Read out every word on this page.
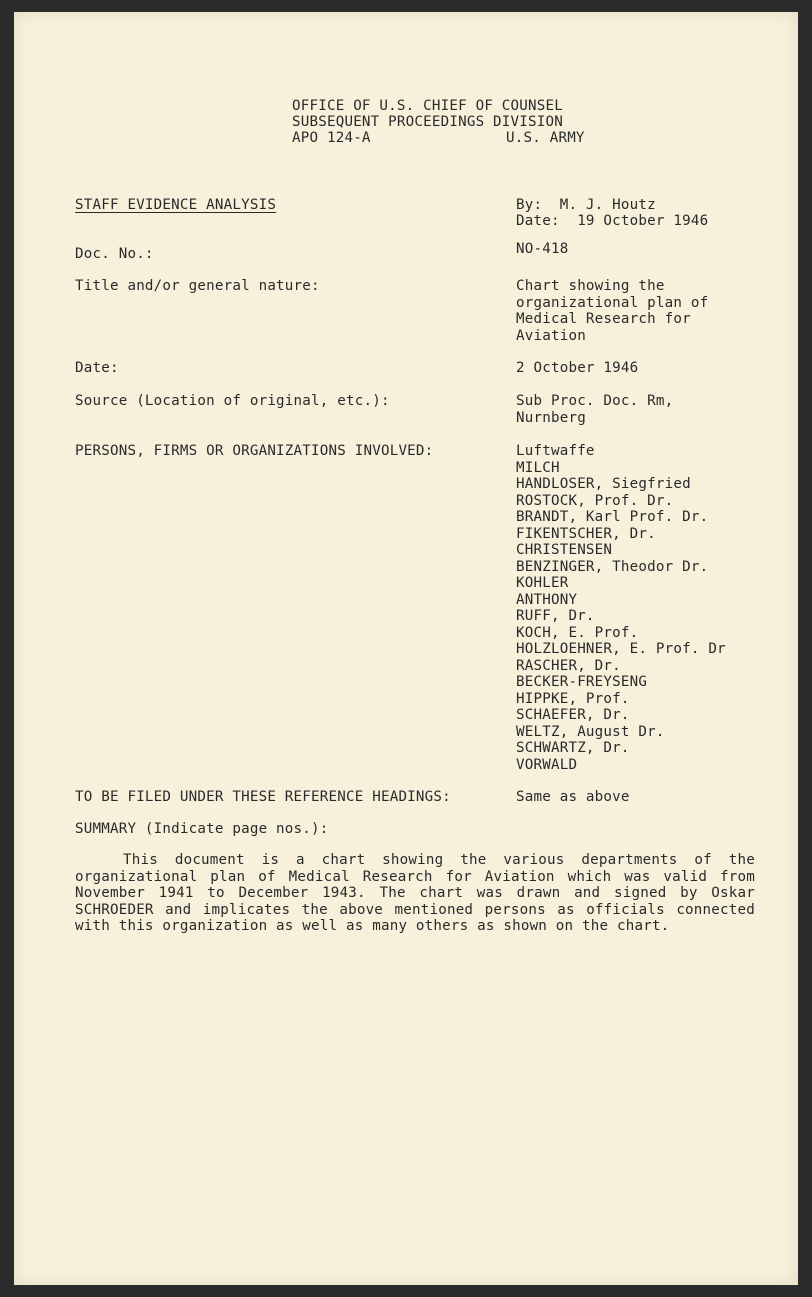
OFFICE OF U.S. CHIEF OF COUNSEL
SUBSEQUENT PROCEEDINGS DIVISION
APO 124-A	U.S. ARMY
STAFF EVIDENCE ANALYSIS	By:  M. J. Houtz
Date:  19 October 1946
Doc. No.:	NO-418
Title and/or general nature:	Chart showing the
organizational plan of
Medical Research for
Aviation
Date:	2 October 1946
Source (Location of original, etc.):	Sub Proc. Doc. Rm,
Nurnberg
PERSONS, FIRMS OR ORGANIZATIONS INVOLVED:	Luftwaffe
MILCH
HANDLOSER, Siegfried
ROSTOCK, Prof. Dr.
BRANDT, Karl Prof. Dr.
FIKENTSCHER, Dr.
CHRISTENSEN
BENZINGER, Theodor Dr.
KOHLER
ANTHONY
RUFF, Dr.
KOCH, E. Prof.
HOLZLOEHNER, E. Prof. Dr
RASCHER, Dr.
BECKER-FREYSENG
HIPPKE, Prof.
SCHAEFER, Dr.
WELTZ, August Dr.
SCHWARTZ, Dr.
VORWALD
TO BE FILED UNDER THESE REFERENCE HEADINGS:	Same as above
SUMMARY (Indicate page nos.):
This document is a chart showing the various departments of the organizational plan of Medical Research for Aviation which was valid from November 1941 to December 1943. The chart was drawn and signed by Oskar SCHROEDER and implicates the above mentioned persons as officials connected with this organization as well as many others as shown on the chart.
